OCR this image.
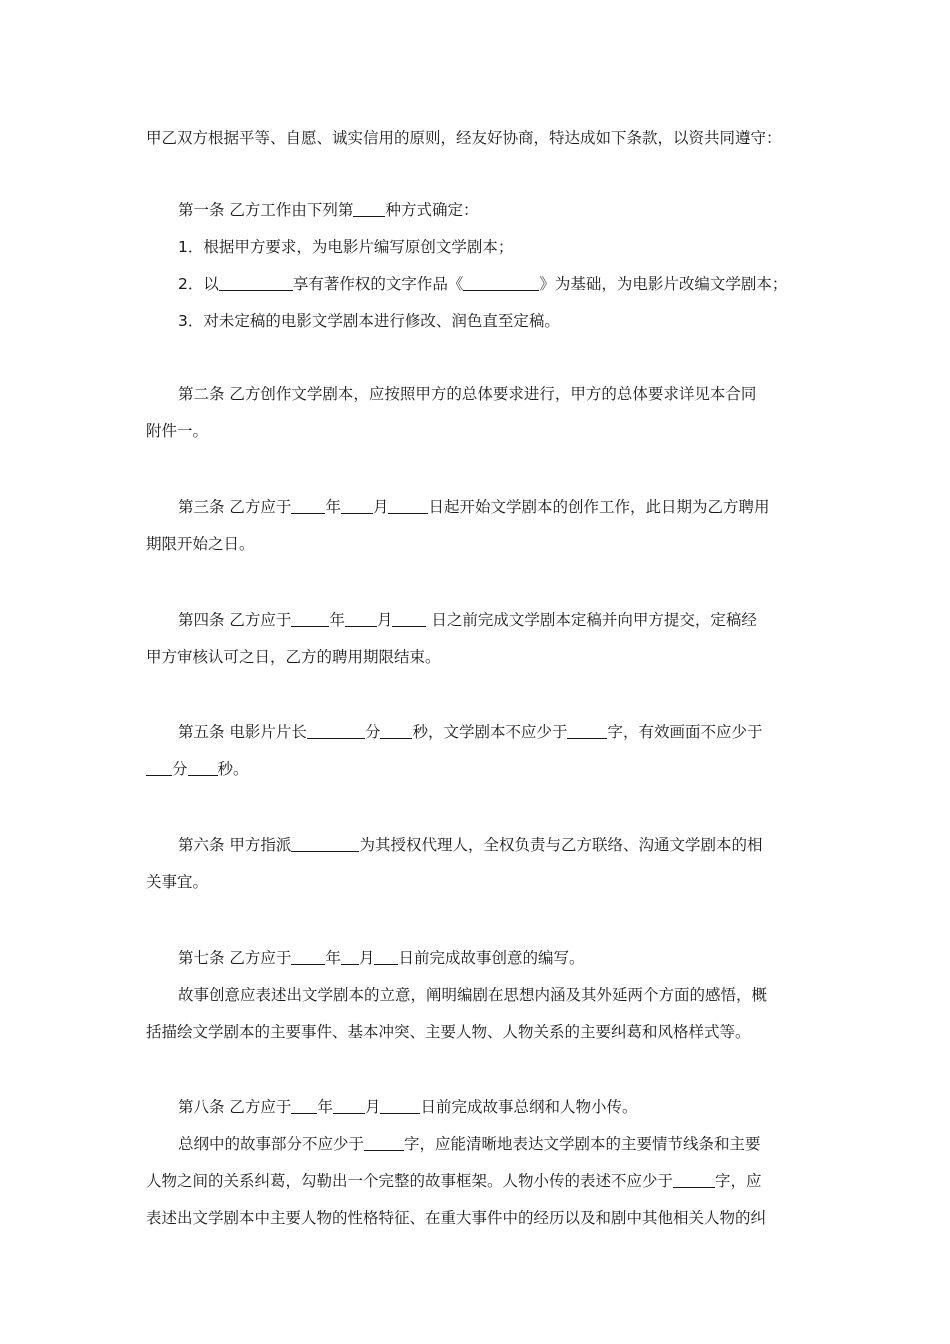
甲乙双方根据平等、自愿、诚实信用的原则，经友好协商，特达成如下条款，以资共同遵守：
第一条 乙方工作由下列第 种方式确定：
1．根据甲方要求，为电影片编写原创文学剧本；
2．以	享有著作权的文字作品《	》为基础，为电影片改编文学剧本；
3．对未定稿的电影文学剧本进行修改、润色直至定稿。
第二条 乙方创作文学剧本，应按照甲方的总体要求进行，甲方的总体要求详见本合同
附件一。
第三条 乙方应于 年 月	日起开始文学剧本的创作工作，此日期为乙方聘用
期限开始之日。
第四条 乙方应于 年 月 日之前完成文学剧本定稿并向甲方提交，定稿经
甲方审核认可之日，乙方的聘用期限结束。
第五条 电影片片长	分 秒，文学剧本不应少于	字，有效画面不应少于
分 秒。
第六条 甲方指派	为其授权代理人，全权负责与乙方联络、沟通文学剧本的相
关事宜。
第七条 乙方应于 年 月 日前完成故事创意的编写。
故事创意应表述出文学剧本的立意，阐明编剧在思想内涵及其外延两个方面的感悟，概
括描绘文学剧本的主要事件、基本冲突、主要人物、人物关系的主要纠葛和风格样式等。
第八条 乙方应于 年 月	日前完成故事总纲和人物小传。
总纲中的故事部分不应少于	字，应能清晰地表达文学剧本的主要情节线条和主要
人物之间的关系纠葛，勾勒出一个完整的故事框架。人物小传的表述不应少于	字，应
表述出文学剧本中主要人物的性格特征、在重大事件中的经历以及和剧中其他相关人物的纠
